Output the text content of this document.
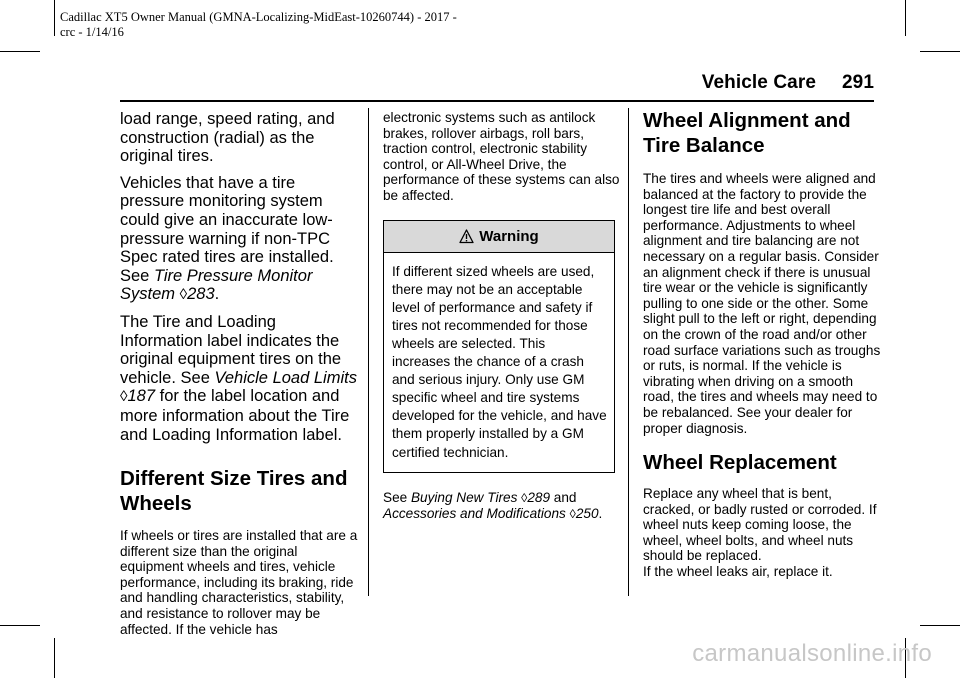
Cadillac XT5 Owner Manual (GMNA-Localizing-MidEast-10260744) - 2017 -
crc - 1/14/16
Vehicle Care 291

load range, speed rating, and construction (radial) as the original tires.

Vehicles that have a tire pressure monitoring system could give an inaccurate low-pressure warning if non-TPC Spec rated tires are installed. See Tire Pressure Monitor System ◊283.

The Tire and Loading Information label indicates the original equipment tires on the vehicle. See Vehicle Load Limits ◊187 for the label location and more information about the Tire and Loading Information label.

Different Size Tires and Wheels

If wheels or tires are installed that are a different size than the original equipment wheels and tires, vehicle performance, including its braking, ride and handling characteristics, stability, and resistance to rollover may be affected. If the vehicle has

electronic systems such as antilock brakes, rollover airbags, roll bars, traction control, electronic stability control, or All-Wheel Drive, the performance of these systems can also be affected.

Warning
If different sized wheels are used, there may not be an acceptable level of performance and safety if tires not recommended for those wheels are selected. This increases the chance of a crash and serious injury. Only use GM specific wheel and tire systems developed for the vehicle, and have them properly installed by a GM certified technician.

See Buying New Tires ◊289 and Accessories and Modifications ◊250.

Wheel Alignment and Tire Balance

The tires and wheels were aligned and balanced at the factory to provide the longest tire life and best overall performance. Adjustments to wheel alignment and tire balancing are not necessary on a regular basis. Consider an alignment check if there is unusual tire wear or the vehicle is significantly pulling to one side or the other. Some slight pull to the left or right, depending on the crown of the road and/or other road surface variations such as troughs or ruts, is normal. If the vehicle is vibrating when driving on a smooth road, the tires and wheels may need to be rebalanced. See your dealer for proper diagnosis.

Wheel Replacement

Replace any wheel that is bent, cracked, or badly rusted or corroded. If wheel nuts keep coming loose, the wheel, wheel bolts, and wheel nuts should be replaced.

If the wheel leaks air, replace it.

carmanualsonline.info
